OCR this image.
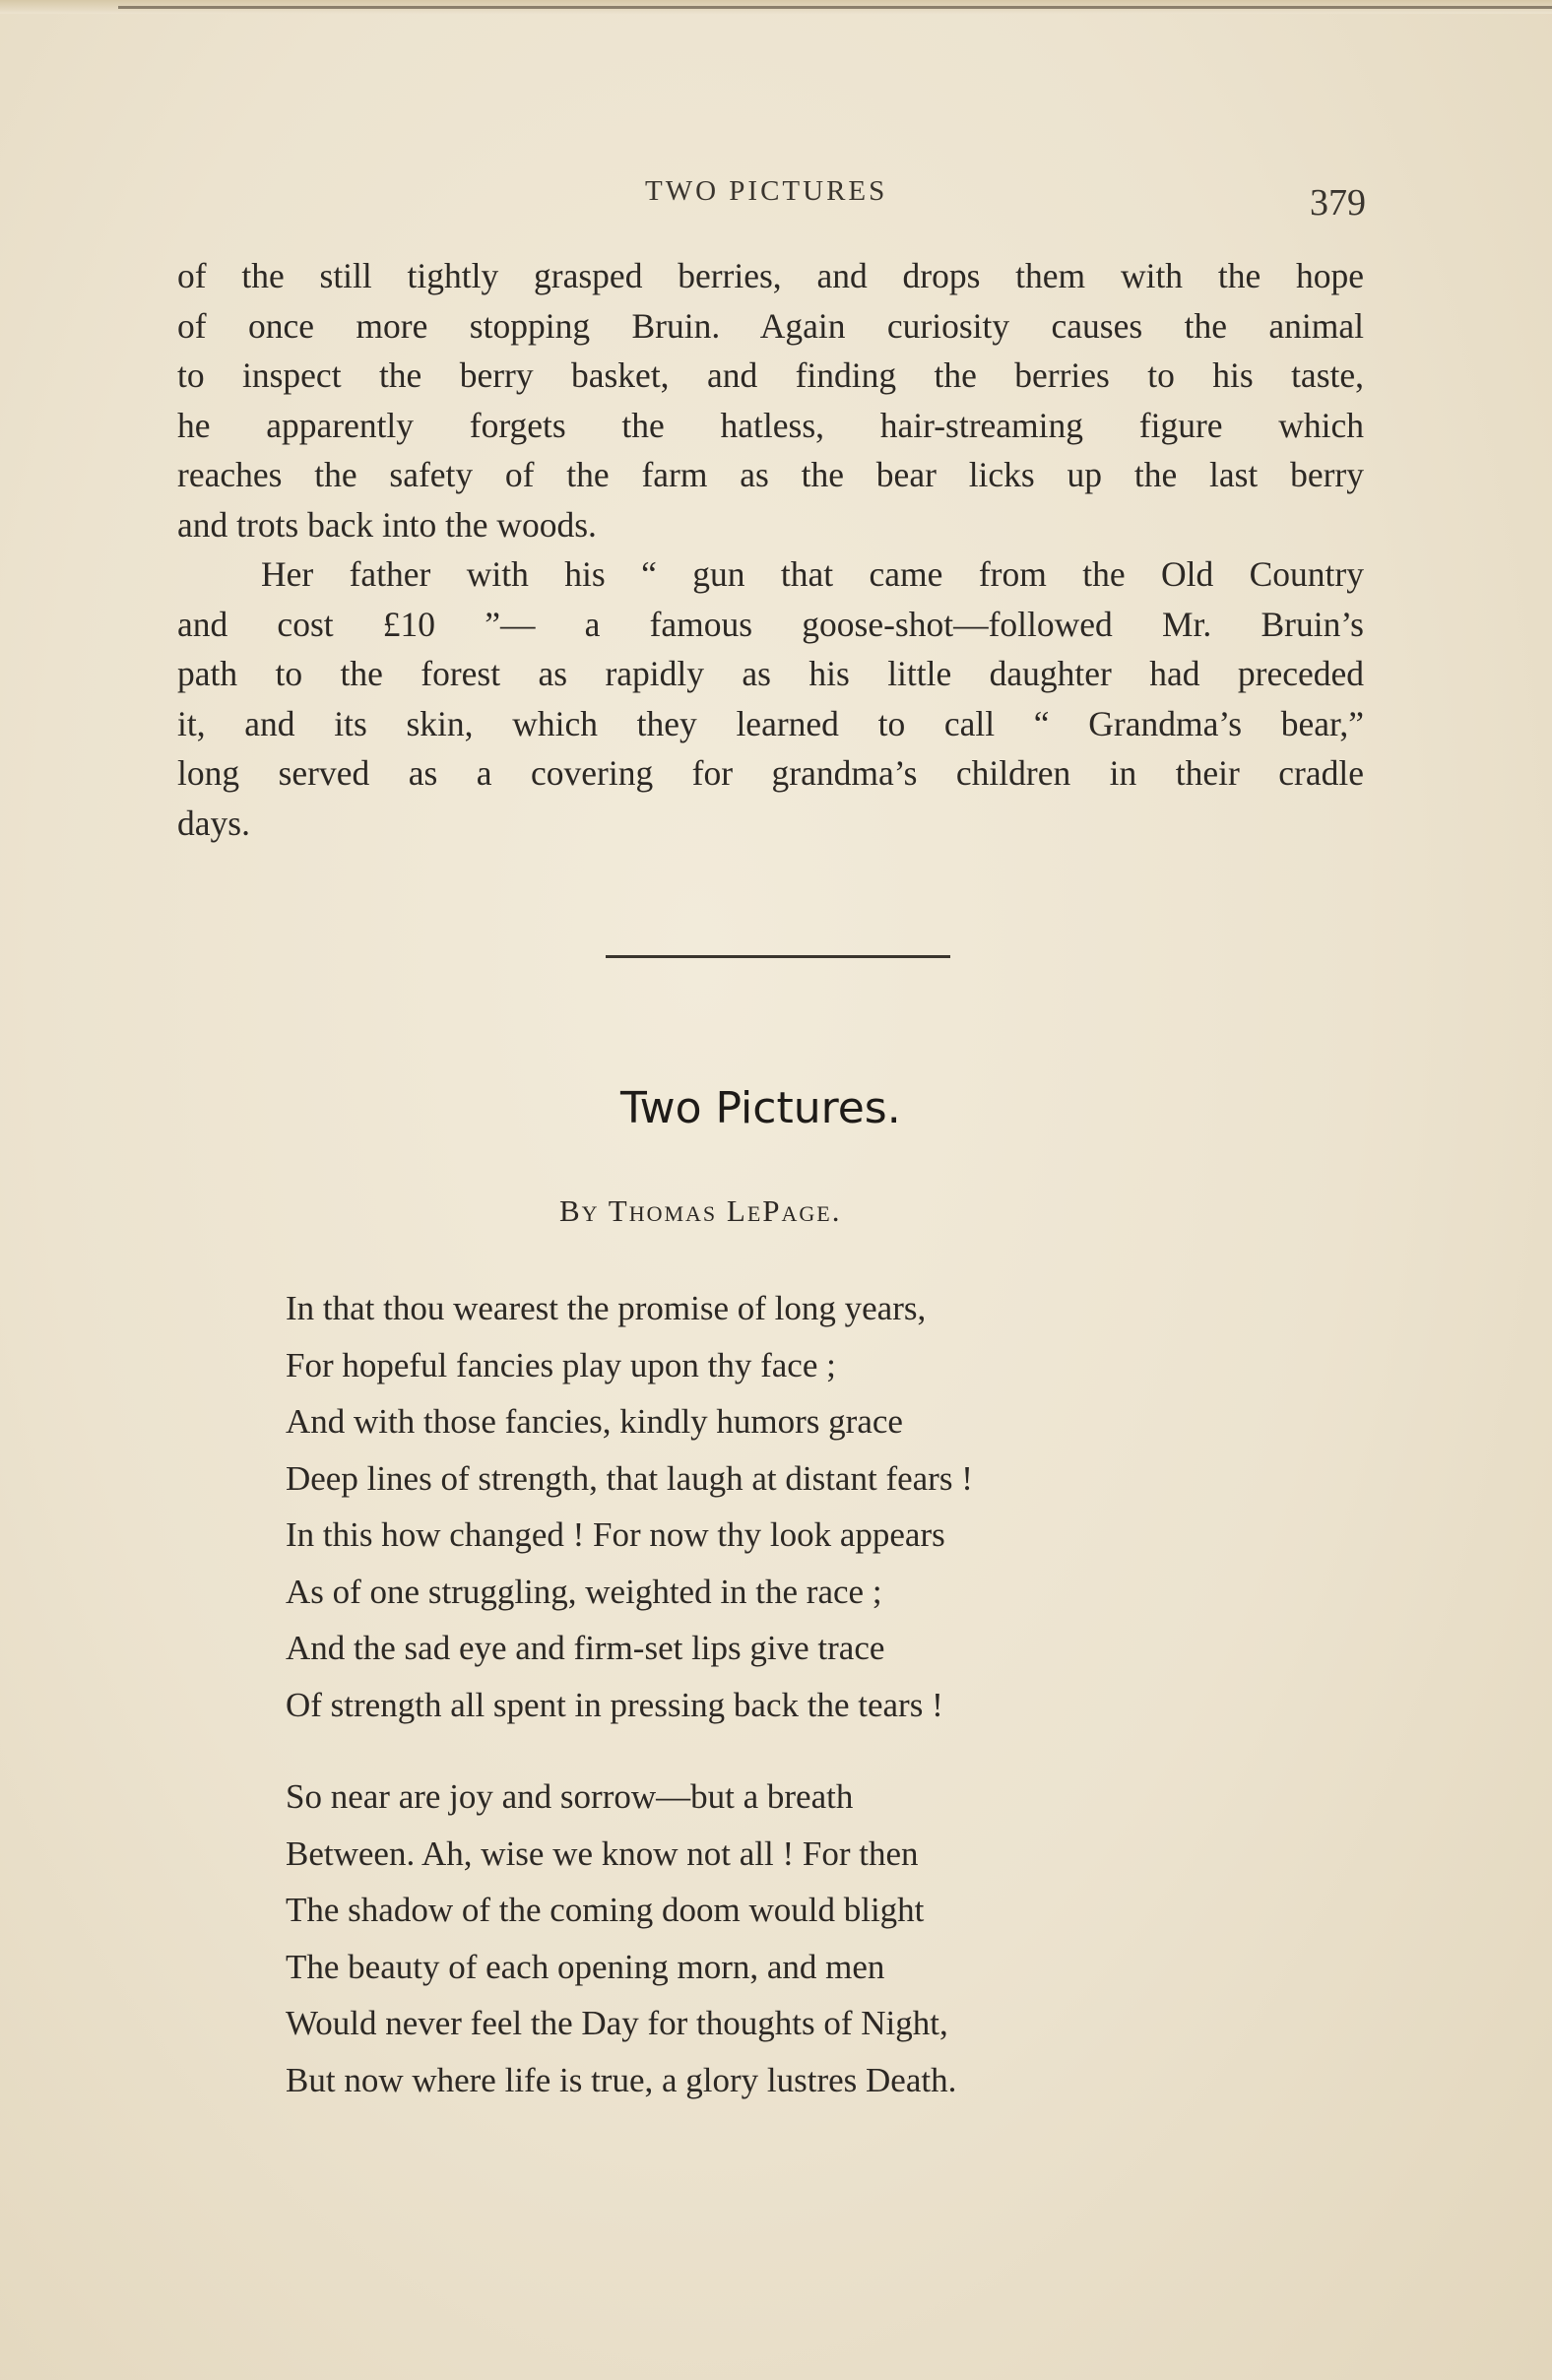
TWO PICTURES	379
of the still tightly grasped berries, and drops them with the hope
of once more stopping Bruin. Again curiosity causes the animal
to inspect the berry basket, and finding the berries to his taste,
he apparently forgets the hatless, hair-streaming figure which
reaches the safety of the farm as the bear licks up the last berry
and trots back into the woods.
Her father with his “ gun that came from the Old Country
and cost £10 ”— a famous goose-shot—followed Mr. Bruin’s
path to the forest as rapidly as his little daughter had preceded
it, and its skin, which they learned to call “ Grandma’s bear,”
long served as a covering for grandma’s children in their cradle
days.
Two Pictures.
By Thomas LePage.
In that thou wearest the promise of long years,
For hopeful fancies play upon thy face ;
And with those fancies, kindly humors grace
Deep lines of strength, that laugh at distant fears !
In this how changed ! For now thy look appears
As of one struggling, weighted in the race ;
And the sad eye and firm-set lips give trace
Of strength all spent in pressing back the tears !
So near are joy and sorrow—but a breath
Between. Ah, wise we know not all ! For then
The shadow of the coming doom would blight
The beauty of each opening morn, and men
Would never feel the Day for thoughts of Night,
But now where life is true, a glory lustres Death.
